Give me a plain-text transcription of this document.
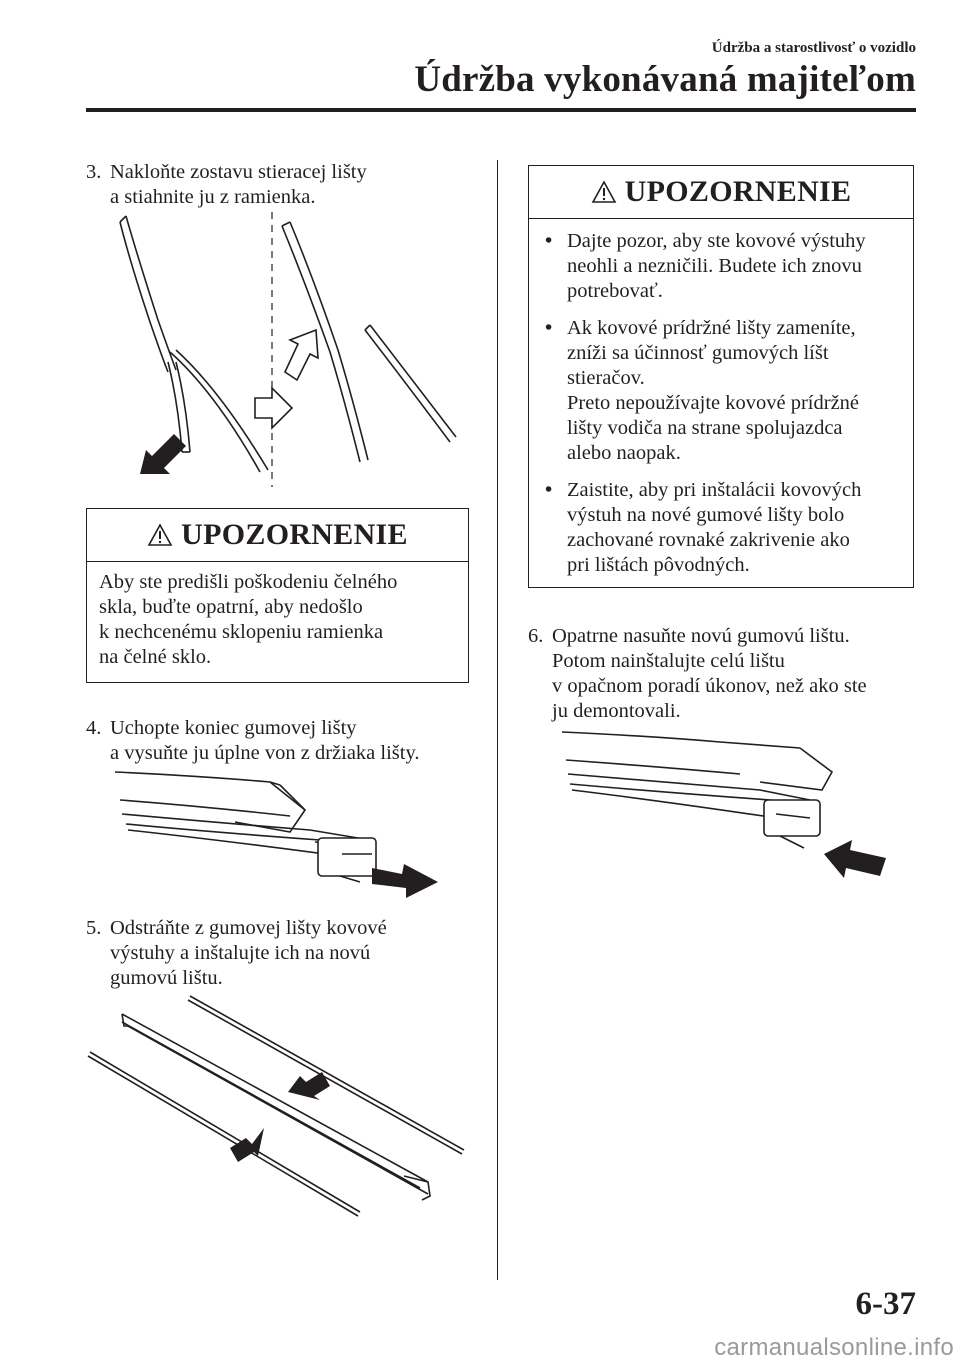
Údržba a starostlivosť o vozidlo
Údržba vykonávaná majiteľom
3. Nakloňte zostavu stieracej lišty
a stiahnite ju z ramienka.
UPOZORNENIE
Aby ste predišli poškodeniu čelného
skla, buďte opatrní, aby nedošlo
k nechcenému sklopeniu ramienka
na čelné sklo.
4. Uchopte koniec gumovej lišty
a vysuňte ju úplne von z držiaka lišty.
5. Odstráňte z gumovej lišty kovové
výstuhy a inštalujte ich na novú
gumovú lištu.
UPOZORNENIE
• Dajte pozor, aby ste kovové výstuhy
neohli a nezničili. Budete ich znovu
potrebovať.
• Ak kovové prídržné lišty zameníte,
zníži sa účinnosť gumových líšt
stieračov.
Preto nepoužívajte kovové prídržné
lišty vodiča na strane spolujazdca
alebo naopak.
• Zaistite, aby pri inštalácii kovových
výstuh na nové gumové lišty bolo
zachované rovnaké zakrivenie ako
pri lištách pôvodných.
6. Opatrne nasuňte novú gumovú lištu.
Potom nainštalujte celú lištu
v opačnom poradí úkonov, než ako ste
ju demontovali.
6-37
carmanualsonline.info
